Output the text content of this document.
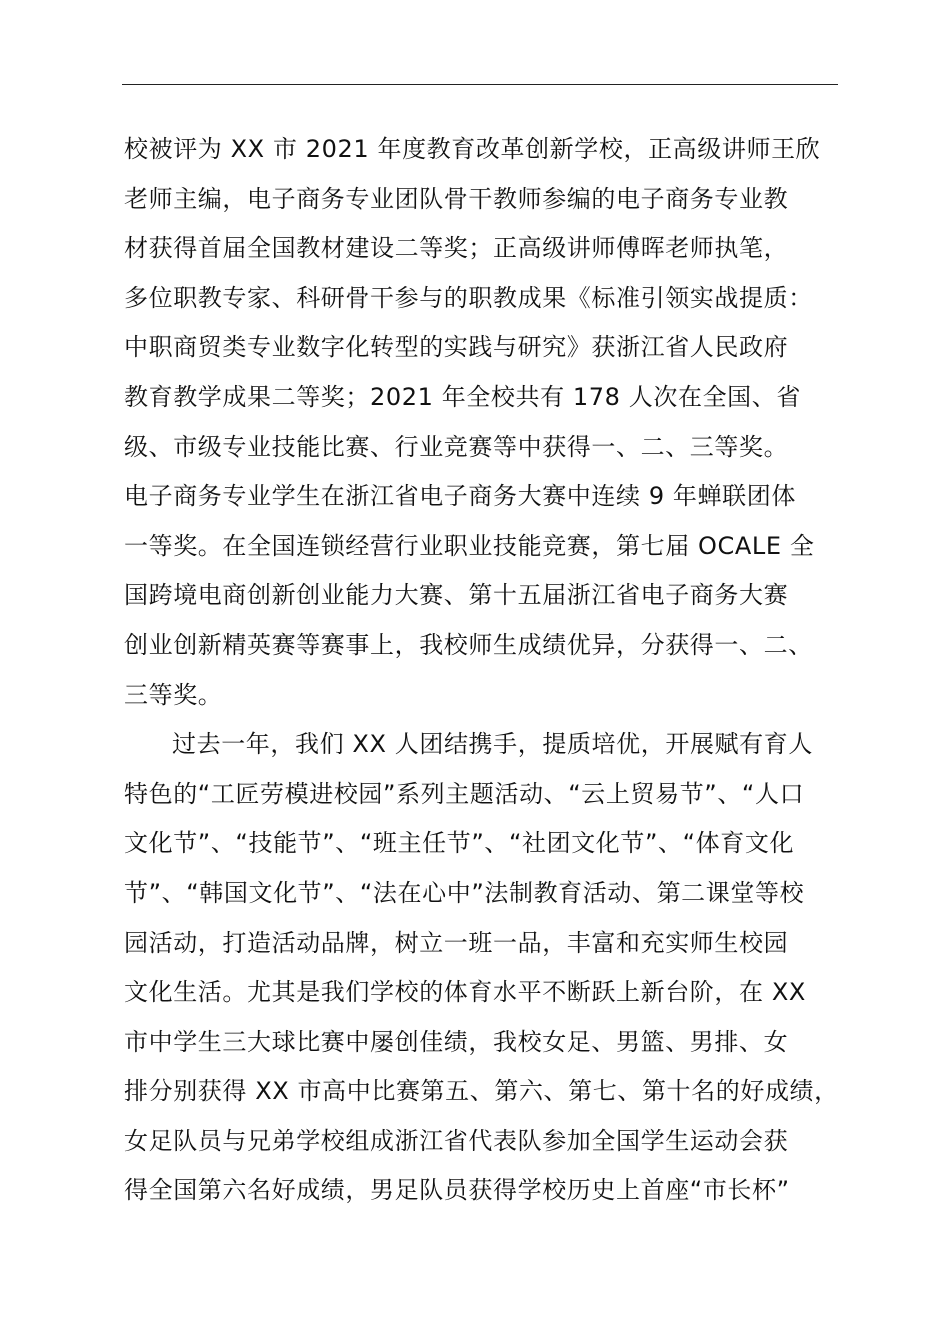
校被评为 XX 市 2021 年度教育改革创新学校，正高级讲师王欣
老师主编，电子商务专业团队骨干教师参编的电子商务专业教
材获得首届全国教材建设二等奖；正高级讲师傅晖老师执笔，
多位职教专家、科研骨干参与的职教成果《标准引领实战提质：
中职商贸类专业数字化转型的实践与研究》获浙江省人民政府
教育教学成果二等奖；2021 年全校共有 178 人次在全国、省
级、市级专业技能比赛、行业竞赛等中获得一、二、三等奖。
电子商务专业学生在浙江省电子商务大赛中连续 9 年蝉联团体
一等奖。在全国连锁经营行业职业技能竞赛，第七届 OCALE 全
国跨境电商创新创业能力大赛、第十五届浙江省电子商务大赛
创业创新精英赛等赛事上，我校师生成绩优异，分获得一、二、
三等奖。
过去一年，我们 XX 人团结携手，提质培优，开展赋有育人
特色的“工匠劳模进校园”系列主题活动、“云上贸易节”、“人口
文化节”、“技能节”、“班主任节”、“社团文化节”、“体育文化
节”、“韩国文化节”、“法在心中”法制教育活动、第二课堂等校
园活动，打造活动品牌，树立一班一品，丰富和充实师生校园
文化生活。尤其是我们学校的体育水平不断跃上新台阶，在 XX
市中学生三大球比赛中屡创佳绩，我校女足、男篮、男排、女
排分别获得 XX 市高中比赛第五、第六、第七、第十名的好成绩，
女足队员与兄弟学校组成浙江省代表队参加全国学生运动会获
得全国第六名好成绩，男足队员获得学校历史上首座“市长杯”
